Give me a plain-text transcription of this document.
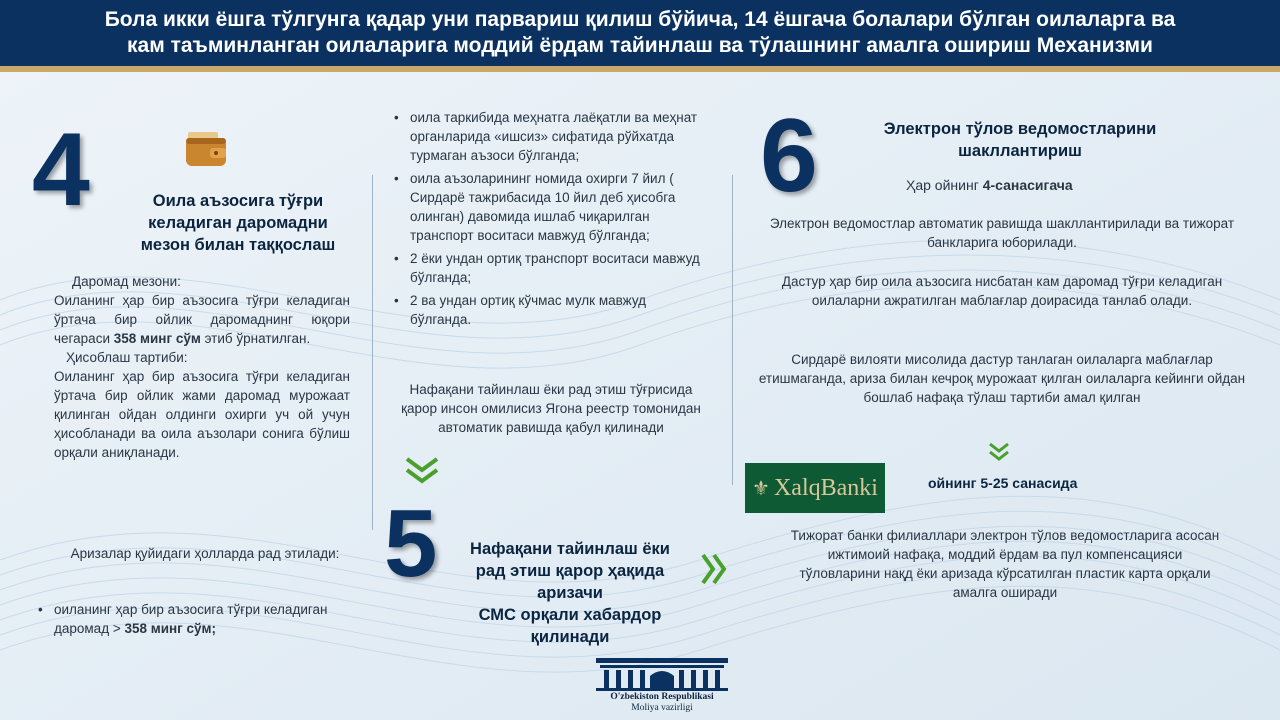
Бола икки ёшга тўлгунга қадар уни парвариш қилиш бўйича, 14 ёшгача болалари бўлган оилаларга ва
кам таъминланган оилаларига моддий ёрдам тайинлаш ва тўлашнинг амалга ошириш Механизми
4	Оила аъзосига тўғри
келадиган даромадни
мезон билан таққослаш
Даромад мезони:
Оиланинг ҳар бир аъзосига тўғри келадиган ўртача бир ойлик даромаднинг юқори чегараси 358 минг сўм этиб ўрнатилган.
Ҳисоблаш тартиби:
Оиланинг ҳар бир аъзосига тўғри келадиган ўртача бир ойлик жами даромад мурожаат қилинган ойдан олдинги охирги уч ой учун ҳисобланади ва оила аъзолари сонига бўлиш орқали аниқланади.
Аризалар қуйидаги ҳолларда рад этилади:
• оиланинг ҳар бир аъзосига тўғри келадиган даромад > 358 минг сўм;
• оила таркибида меҳнатга лаёқатли ва меҳнат органларида «ишсиз» сифатида рўйхатда турмаган аъзоси бўлганда;
• оила аъзоларининг номида охирги 7 йил ( Сирдарё тажрибасида 10 йил деб ҳисобга олинган) давомида ишлаб чиқарилган транспорт воситаси мавжуд бўлганда;
• 2 ёки ундан ортиқ транспорт воситаси мавжуд бўлганда;
• 2 ва ундан ортиқ кўчмас мулк мавжуд бўлганда.
Нафақани тайинлаш ёки рад этиш тўғрисида қарор инсон омилисиз Ягона реестр томонидан автоматик равишда қабул қилинади
5	Нафақани тайинлаш ёки
рад этиш қарор ҳақида
аризачи
СМС орқали хабардор
қилинади
6	Электрон тўлов ведомостларини
шакллантириш
Ҳар ойнинг 4-санасигача
Электрон ведомостлар автоматик равишда шакллантирилади ва тижорат банкларига юборилади.
Дастур ҳар бир оила аъзосига нисбатан кам даромад тўғри келадиган оилаларни ажратилган маблағлар доирасида танлаб олади.
Сирдарё вилояти мисолида дастур танлаган оилаларга маблағлар етишмаганда, ариза билан кечроқ мурожаат қилган оилаларга кейинги ойдан бошлаб нафақа тўлаш тартиби амал қилган
⚜ XalqBanki	ойнинг 5-25 санасида
Тижорат банки филиаллари электрон тўлов ведомостларига асосан ижтимоий нафақа, моддий ёрдам ва пул компенсацияси тўловларини нақд ёки аризада кўрсатилган пластик карта орқали амалга оширади
O'zbekiston Respublikasi
Moliya vazirligi
